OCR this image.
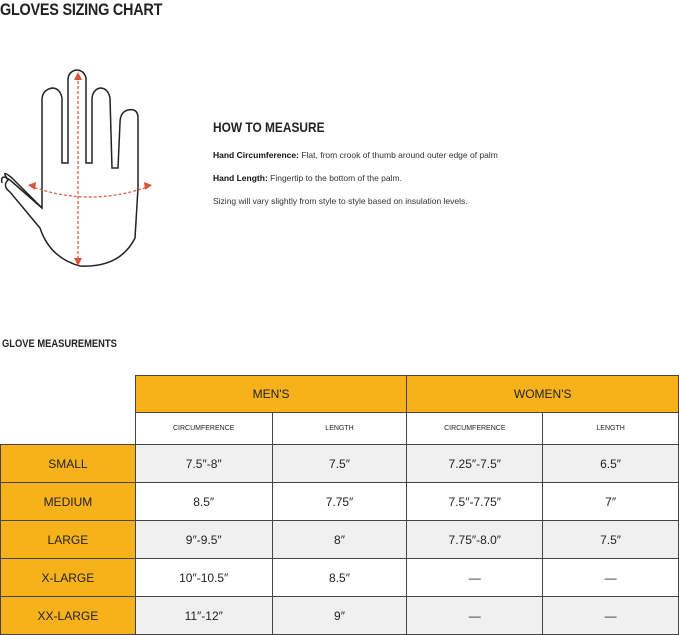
GLOVES SIZING CHART
HOW TO MEASURE
Hand Circumference: Flat, from crook of thumb around outer edge of palm
Hand Length: Fingertip to the bottom of the palm.
Sizing will vary slightly from style to style based on insulation levels.
GLOVE MEASUREMENTS
	MEN'S		WOMEN'S	
	CIRCUMFERENCE	LENGTH	CIRCUMFERENCE	LENGTH
SMALL	7.5″-8″	7.5″	7.25″-7.5″	6.5″
MEDIUM	8.5″	7.75″	7.5″-7.75″	7″
LARGE	9″-9.5″	8″	7.75″-8.0″	7.5″
X-LARGE	10″-10.5″	8.5″	—	—
XX-LARGE	11″-12″	9″	—	—
